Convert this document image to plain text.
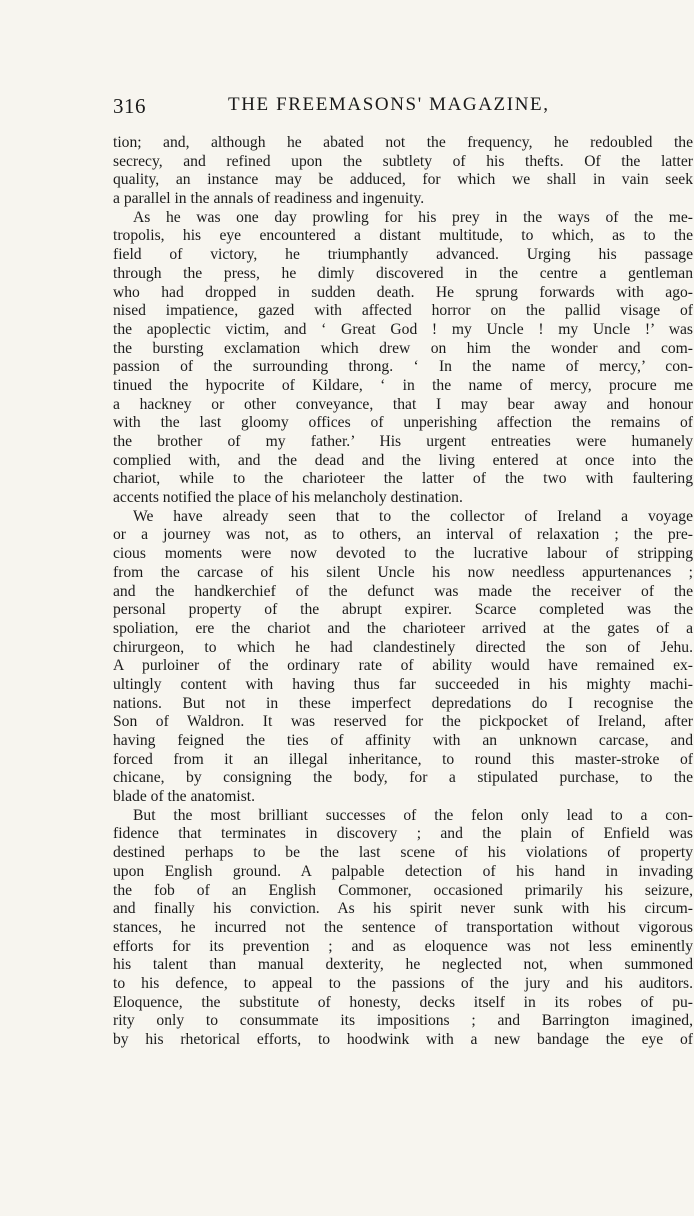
316	THE FREEMASONS' MAGAZINE,
tion; and, although he abated not the frequency, he redoubled the
secrecy, and refined upon the subtlety of his thefts. Of the latter
quality, an instance may be adduced, for which we shall in vain seek
a parallel in the annals of readiness and ingenuity.
As he was one day prowling for his prey in the ways of the me-
tropolis, his eye encountered a distant multitude, to which, as to the
field of victory, he triumphantly advanced. Urging his passage
through the press, he dimly discovered in the centre a gentleman
who had dropped in sudden death. He sprung forwards with ago-
nised impatience, gazed with affected horror on the pallid visage of
the apoplectic victim, and ‘ Great God ! my Uncle ! my Uncle !’ was
the bursting exclamation which drew on him the wonder and com-
passion of the surrounding throng. ‘ In the name of mercy,’ con-
tinued the hypocrite of Kildare, ‘ in the name of mercy, procure me
a hackney or other conveyance, that I may bear away and honour
with the last gloomy offices of unperishing affection the remains of
the brother of my father.’ His urgent entreaties were humanely
complied with, and the dead and the living entered at once into the
chariot, while to the charioteer the latter of the two with faultering
accents notified the place of his melancholy destination.
We have already seen that to the collector of Ireland a voyage
or a journey was not, as to others, an interval of relaxation ; the pre-
cious moments were now devoted to the lucrative labour of stripping
from the carcase of his silent Uncle his now needless appurtenances ;
and the handkerchief of the defunct was made the receiver of the
personal property of the abrupt expirer. Scarce completed was the
spoliation, ere the chariot and the charioteer arrived at the gates of a
chirurgeon, to which he had clandestinely directed the son of Jehu.
A purloiner of the ordinary rate of ability would have remained ex-
ultingly content with having thus far succeeded in his mighty machi-
nations. But not in these imperfect depredations do I recognise the
Son of Waldron. It was reserved for the pickpocket of Ireland, after
having feigned the ties of affinity with an unknown carcase, and
forced from it an illegal inheritance, to round this master-stroke of
chicane, by consigning the body, for a stipulated purchase, to the
blade of the anatomist.
But the most brilliant successes of the felon only lead to a con-
fidence that terminates in discovery ; and the plain of Enfield was
destined perhaps to be the last scene of his violations of property
upon English ground. A palpable detection of his hand in invading
the fob of an English Commoner, occasioned primarily his seizure,
and finally his conviction. As his spirit never sunk with his circum-
stances, he incurred not the sentence of transportation without vigorous
efforts for its prevention ; and as eloquence was not less eminently
his talent than manual dexterity, he neglected not, when summoned
to his defence, to appeal to the passions of the jury and his auditors.
Eloquence, the substitute of honesty, decks itself in its robes of pu-
rity only to consummate its impositions ; and Barrington imagined,
by his rhetorical efforts, to hoodwink with a new bandage the eye of
